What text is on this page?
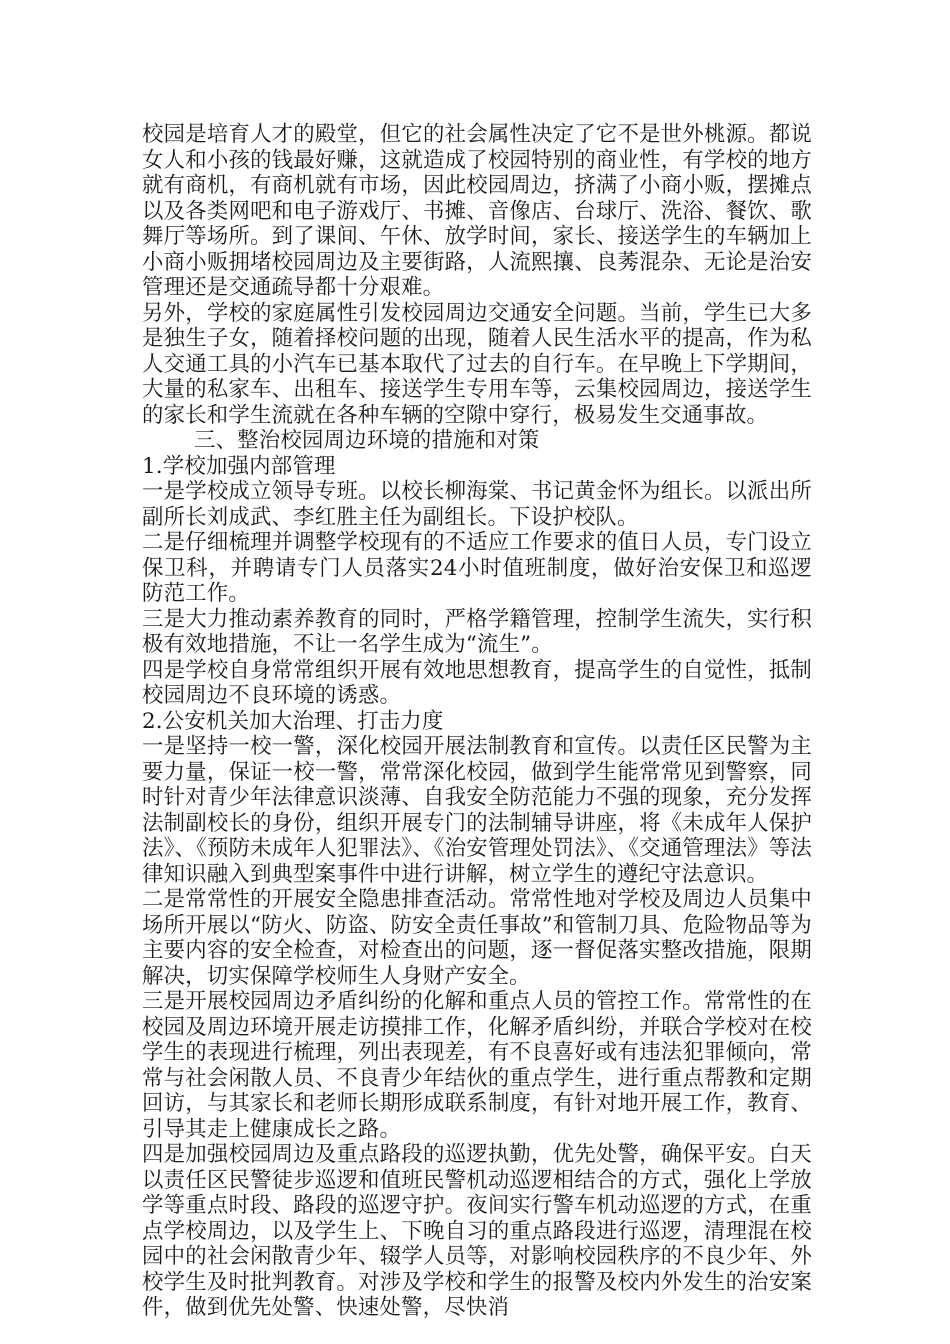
校园是培育人才的殿堂，但它的社会属性决定了它不是世外桃源。都说女人和小孩的钱最好赚，这就造成了校园特别的商业性，有学校的地方就有商机，有商机就有市场，因此校园周边，挤满了小商小贩，摆摊点以及各类网吧和电子游戏厅、书摊、音像店、台球厅、洗浴、餐饮、歌舞厅等场所。到了课间、午休、放学时间，家长、接送学生的车辆加上小商小贩拥堵校园周边及主要街路，人流熙攘、良莠混杂、无论是治安管理还是交通疏导都十分艰难。

另外，学校的家庭属性引发校园周边交通安全问题。当前，学生已大多是独生子女，随着择校问题的出现，随着人民生活水平的提高，作为私人交通工具的小汽车已基本取代了过去的自行车。在早晚上下学期间，大量的私家车、出租车、接送学生专用车等，云集校园周边，接送学生的家长和学生流就在各种车辆的空隙中穿行，极易发生交通事故。

三、整治校园周边环境的措施和对策

1.学校加强内部管理

一是学校成立领导专班。以校长柳海棠、书记黄金怀为组长。以派出所副所长刘成武、李红胜主任为副组长。下设护校队。

二是仔细梳理并调整学校现有的不适应工作要求的值日人员，专门设立保卫科，并聘请专门人员落实24小时值班制度，做好治安保卫和巡逻防范工作。

三是大力推动素养教育的同时，严格学籍管理，控制学生流失，实行积极有效地措施，不让一名学生成为“流生”。

四是学校自身常常组织开展有效地思想教育，提高学生的自觉性，抵制校园周边不良环境的诱惑。

2.公安机关加大治理、打击力度

一是坚持一校一警，深化校园开展法制教育和宣传。以责任区民警为主要力量，保证一校一警，常常深化校园，做到学生能常常见到警察，同时针对青少年法律意识淡薄、自我安全防范能力不强的现象，充分发挥法制副校长的身份，组织开展专门的法制辅导讲座，将《未成年人保护法》、《预防未成年人犯罪法》、《治安管理处罚法》、《交通管理法》等法律知识融入到典型案事件中进行讲解，树立学生的遵纪守法意识。

二是常常性的开展安全隐患排查活动。常常性地对学校及周边人员集中场所开展以“防火、防盗、防安全责任事故”和管制刀具、危险物品等为主要内容的安全检查，对检查出的问题，逐一督促落实整改措施，限期解决，切实保障学校师生人身财产安全。

三是开展校园周边矛盾纠纷的化解和重点人员的管控工作。常常性的在校园及周边环境开展走访摸排工作，化解矛盾纠纷，并联合学校对在校学生的表现进行梳理，列出表现差，有不良喜好或有违法犯罪倾向，常常与社会闲散人员、不良青少年结伙的重点学生，进行重点帮教和定期回访，与其家长和老师长期形成联系制度，有针对地开展工作，教育、引导其走上健康成长之路。

四是加强校园周边及重点路段的巡逻执勤，优先处警，确保平安。白天以责任区民警徒步巡逻和值班民警机动巡逻相结合的方式，强化上学放学等重点时段、路段的巡逻守护。夜间实行警车机动巡逻的方式，在重点学校周边，以及学生上、下晚自习的重点路段进行巡逻，清理混在校园中的社会闲散青少年、辍学人员等，对影响校园秩序的不良少年、外校学生及时批判教育。对涉及学校和学生的报警及校内外发生的治安案件，做到优先处警、快速处警，尽快消
